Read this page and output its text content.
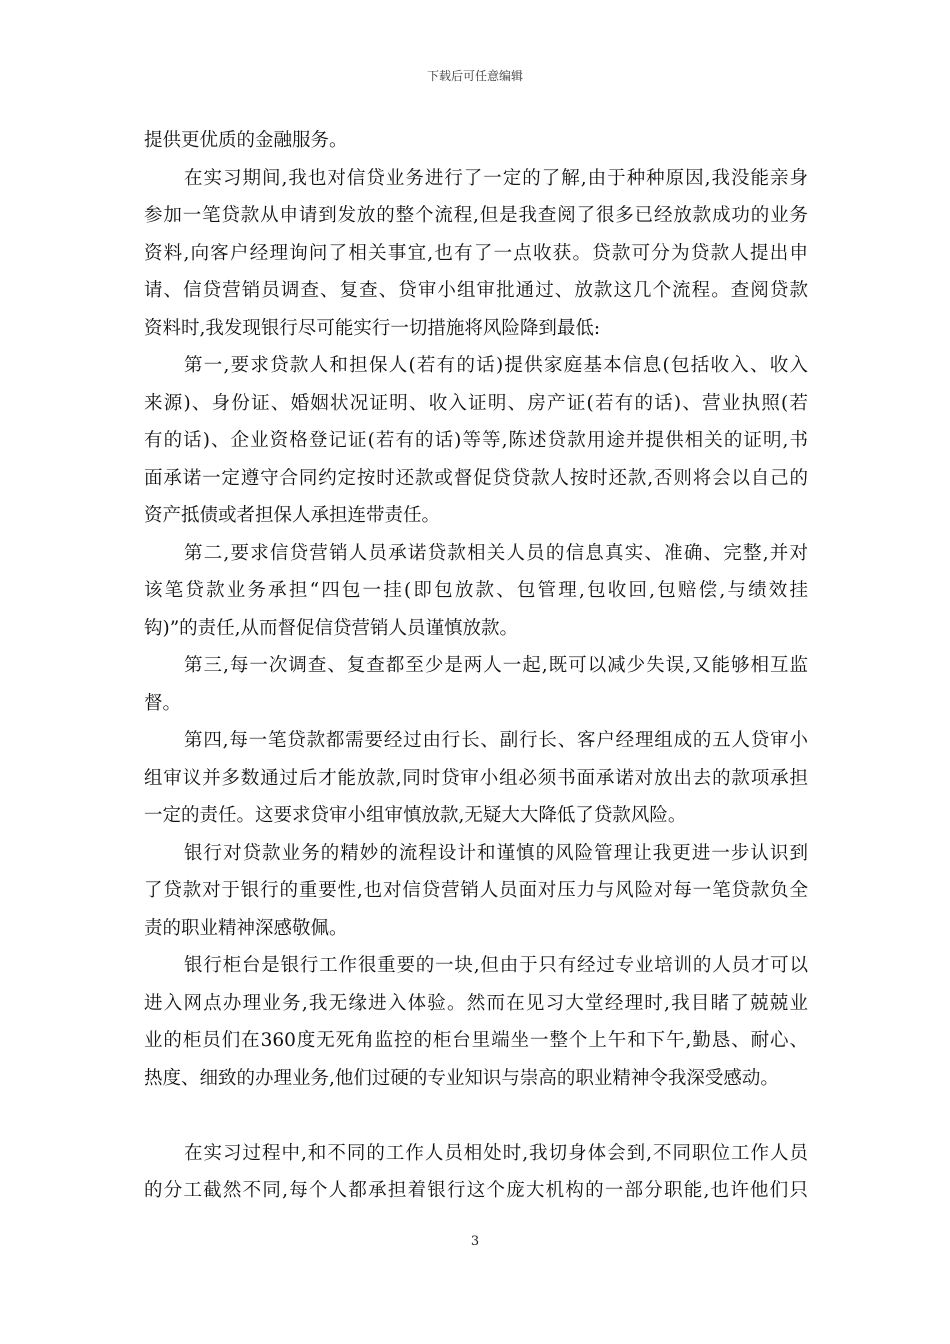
下载后可任意编辑
提供更优质的金融服务。
在实习期间,我也对信贷业务进行了一定的了解,由于种种原因,我没能亲身
参加一笔贷款从申请到发放的整个流程,但是我查阅了很多已经放款成功的业务
资料,向客户经理询问了相关事宜,也有了一点收获。贷款可分为贷款人提出申
请、信贷营销员调查、复查、贷审小组审批通过、放款这几个流程。查阅贷款
资料时,我发现银行尽可能实行一切措施将风险降到最低:
第一,要求贷款人和担保人(若有的话)提供家庭基本信息(包括收入、收入
来源)、身份证、婚姻状况证明、收入证明、房产证(若有的话)、营业执照(若
有的话)、企业资格登记证(若有的话)等等,陈述贷款用途并提供相关的证明,书
面承诺一定遵守合同约定按时还款或督促贷贷款人按时还款,否则将会以自己的
资产抵债或者担保人承担连带责任。
第二,要求信贷营销人员承诺贷款相关人员的信息真实、准确、完整,并对
该笔贷款业务承担“四包一挂(即包放款、包管理,包收回,包赔偿,与绩效挂
钩)”的责任,从而督促信贷营销人员谨慎放款。
第三,每一次调查、复查都至少是两人一起,既可以减少失误,又能够相互监
督。
第四,每一笔贷款都需要经过由行长、副行长、客户经理组成的五人贷审小
组审议并多数通过后才能放款,同时贷审小组必须书面承诺对放出去的款项承担
一定的责任。这要求贷审小组审慎放款,无疑大大降低了贷款风险。
银行对贷款业务的精妙的流程设计和谨慎的风险管理让我更进一步认识到
了贷款对于银行的重要性,也对信贷营销人员面对压力与风险对每一笔贷款负全
责的职业精神深感敬佩。
银行柜台是银行工作很重要的一块,但由于只有经过专业培训的人员才可以
进入网点办理业务,我无缘进入体验。然而在见习大堂经理时,我目睹了兢兢业
业的柜员们在360度无死角监控的柜台里端坐一整个上午和下午,勤恳、耐心、
热度、细致的办理业务,他们过硬的专业知识与崇高的职业精神令我深受感动。
在实习过程中,和不同的工作人员相处时,我切身体会到,不同职位工作人员
的分工截然不同,每个人都承担着银行这个庞大机构的一部分职能,也许他们只
3
